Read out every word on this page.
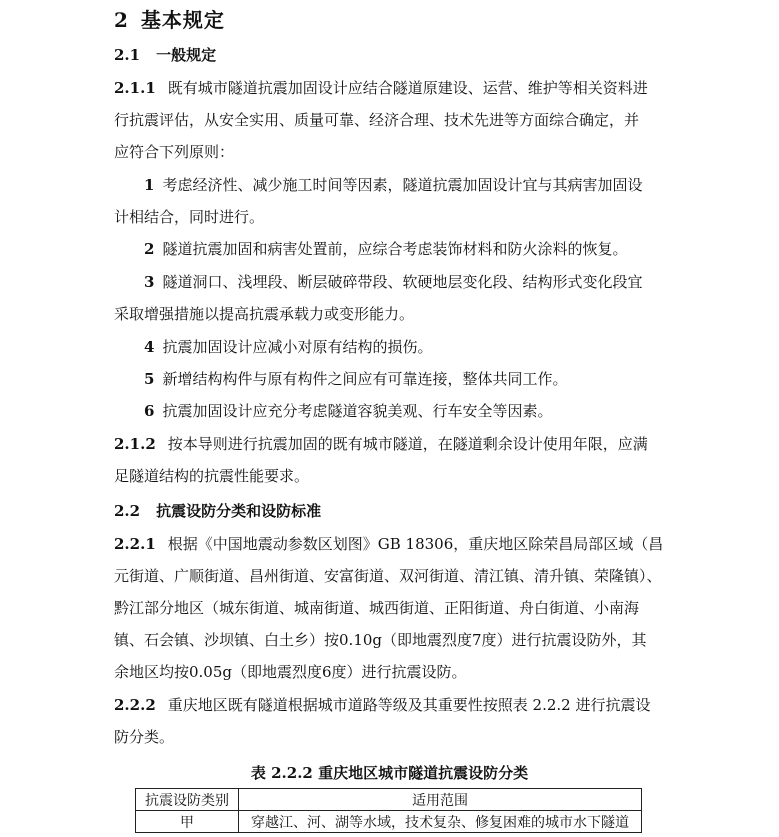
2 基本规定
2.1 一般规定
2.1.1 既有城市隧道抗震加固设计应结合隧道原建设、运营、维护等相关资料进
行抗震评估，从安全实用、质量可靠、经济合理、技术先进等方面综合确定，并
应符合下列原则：
1 考虑经济性、减少施工时间等因素，隧道抗震加固设计宜与其病害加固设
计相结合，同时进行。
2 隧道抗震加固和病害处置前，应综合考虑装饰材料和防火涂料的恢复。
3 隧道洞口、浅埋段、断层破碎带段、软硬地层变化段、结构形式变化段宜
采取增强措施以提高抗震承载力或变形能力。
4 抗震加固设计应减小对原有结构的损伤。
5 新增结构构件与原有构件之间应有可靠连接，整体共同工作。
6 抗震加固设计应充分考虑隧道容貌美观、行车安全等因素。
2.1.2 按本导则进行抗震加固的既有城市隧道，在隧道剩余设计使用年限，应满
足隧道结构的抗震性能要求。
2.2 抗震设防分类和设防标准
2.2.1 根据《中国地震动参数区划图》GB 18306，重庆地区除荣昌局部区域（昌
元街道、广顺街道、昌州街道、安富街道、双河街道、清江镇、清升镇、荣隆镇）、
黔江部分地区（城东街道、城南街道、城西街道、正阳街道、舟白街道、小南海
镇、石会镇、沙坝镇、白土乡）按0.10g（即地震烈度7度）进行抗震设防外，其
余地区均按0.05g（即地震烈度6度）进行抗震设防。
2.2.2 重庆地区既有隧道根据城市道路等级及其重要性按照表 2.2.2 进行抗震设
防分类。
表 2.2.2 重庆地区城市隧道抗震设防分类
抗震设防类别	适用范围
甲	穿越江、河、湖等水域，技术复杂、修复困难的城市水下隧道
